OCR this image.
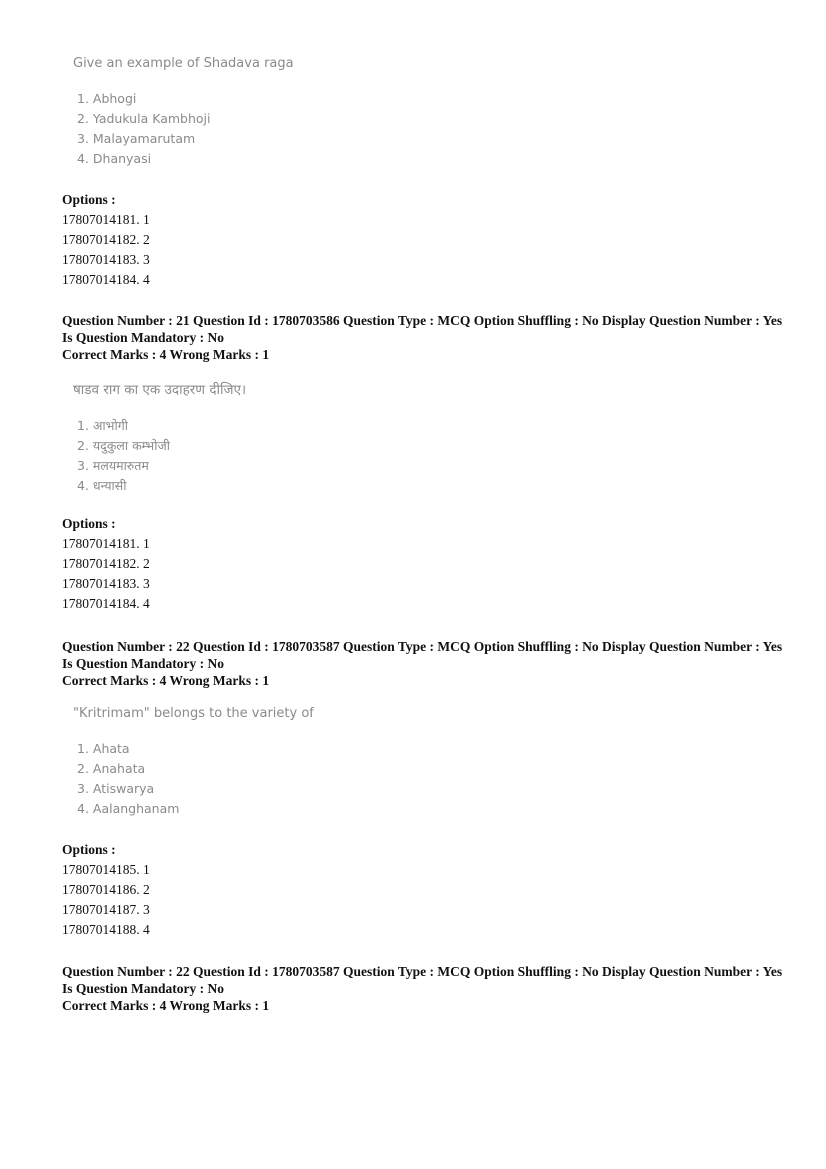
Give an example of Shadava raga
1. Abhogi
2. Yadukula Kambhoji
3. Malayamarutam
4. Dhanyasi
Options :
17807014181. 1
17807014182. 2
17807014183. 3
17807014184. 4
Question Number : 21 Question Id : 1780703586 Question Type : MCQ Option Shuffling : No Display Question Number : Yes
Is Question Mandatory : No
Correct Marks : 4 Wrong Marks : 1
षाडव राग का एक उदाहरण दीजिए।
1. आभोगी
2. यदुकुला कम्भोजी
3. मलयमारुतम
4. धन्यासी
Options :
17807014181. 1
17807014182. 2
17807014183. 3
17807014184. 4
Question Number : 22 Question Id : 1780703587 Question Type : MCQ Option Shuffling : No Display Question Number : Yes
Is Question Mandatory : No
Correct Marks : 4 Wrong Marks : 1
"Kritrimam" belongs to the variety of
1. Ahata
2. Anahata
3. Atiswarya
4. Aalanghanam
Options :
17807014185. 1
17807014186. 2
17807014187. 3
17807014188. 4
Question Number : 22 Question Id : 1780703587 Question Type : MCQ Option Shuffling : No Display Question Number : Yes
Is Question Mandatory : No
Correct Marks : 4 Wrong Marks : 1
